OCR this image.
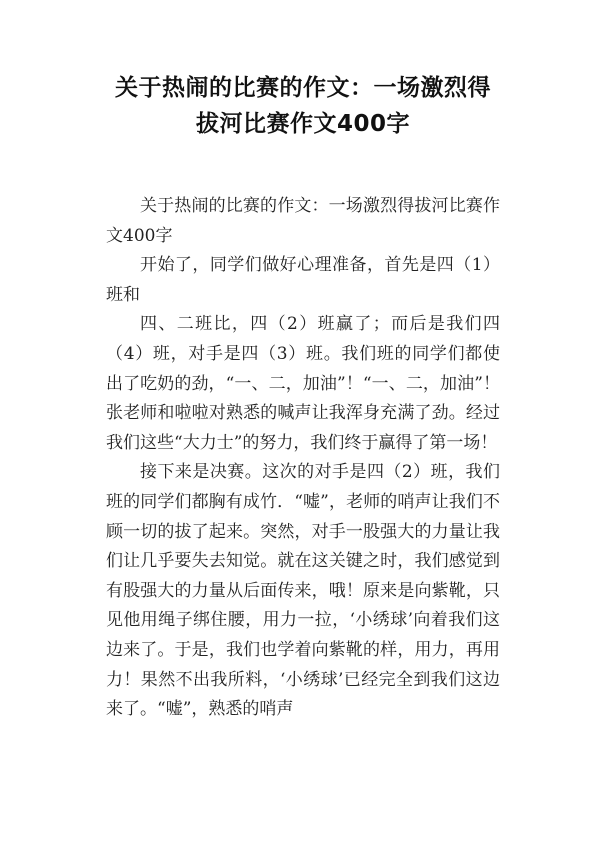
关于热闹的比赛的作文：一场激烈得
拔河比赛作文400字

关于热闹的比赛的作文：一场激烈得拔河比赛作文400字

开始了，同学们做好心理准备，首先是四（1）班和

四、二班比，四（2）班赢了；而后是我们四（4）班，对手是四（3）班。我们班的同学们都使出了吃奶的劲，“一、二，加油”！“一、二，加油”！张老师和啦啦对熟悉的喊声让我浑身充满了劲。经过我们这些“大力士”的努力，我们终于赢得了第一场！

接下来是决赛。这次的对手是四（2）班，我们班的同学们都胸有成竹．“嘘”，老师的哨声让我们不顾一切的拔了起来。突然，对手一股强大的力量让我们让几乎要失去知觉。就在这关键之时，我们感觉到有股强大的力量从后面传来，哦！原来是向紫靴，只见他用绳子绑住腰，用力一拉，‘小绣球’向着我们这边来了。于是，我们也学着向紫靴的样，用力，再用力！果然不出我所料，‘小绣球’已经完全到我们这边来了。“嘘”，熟悉的哨声
